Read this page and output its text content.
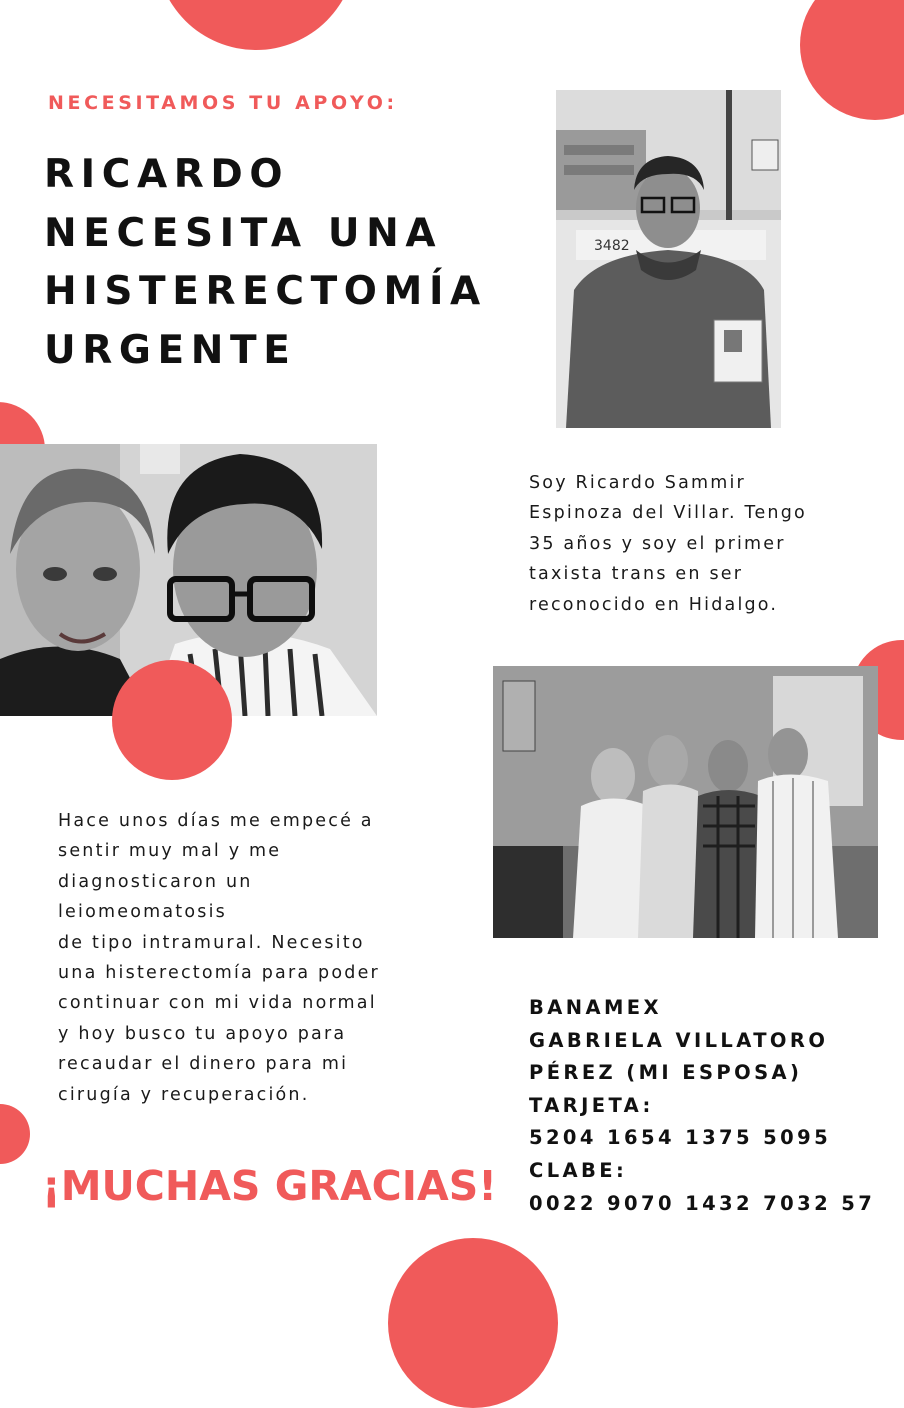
NECESITAMOS TU APOYO:
RICARDO
NECESITA UNA
HISTERECTOMÍA
URGENTE
3482
Soy Ricardo Sammir
Espinoza del Villar. Tengo
35 años y soy el primer
taxista trans en ser
reconocido en Hidalgo.
Hace unos días me empecé a
sentir muy mal y me
diagnosticaron un
leiomeomatosis
de tipo intramural. Necesito
una histerectomía para poder
continuar con mi vida normal
y hoy busco tu apoyo para
recaudar el dinero para mi
cirugía y recuperación.
BANAMEX
GABRIELA VILLATORO
PÉREZ (MI ESPOSA)
TARJETA:
5204 1654 1375 5095
CLABE:
0022 9070 1432 7032 57
¡MUCHAS GRACIAS!
